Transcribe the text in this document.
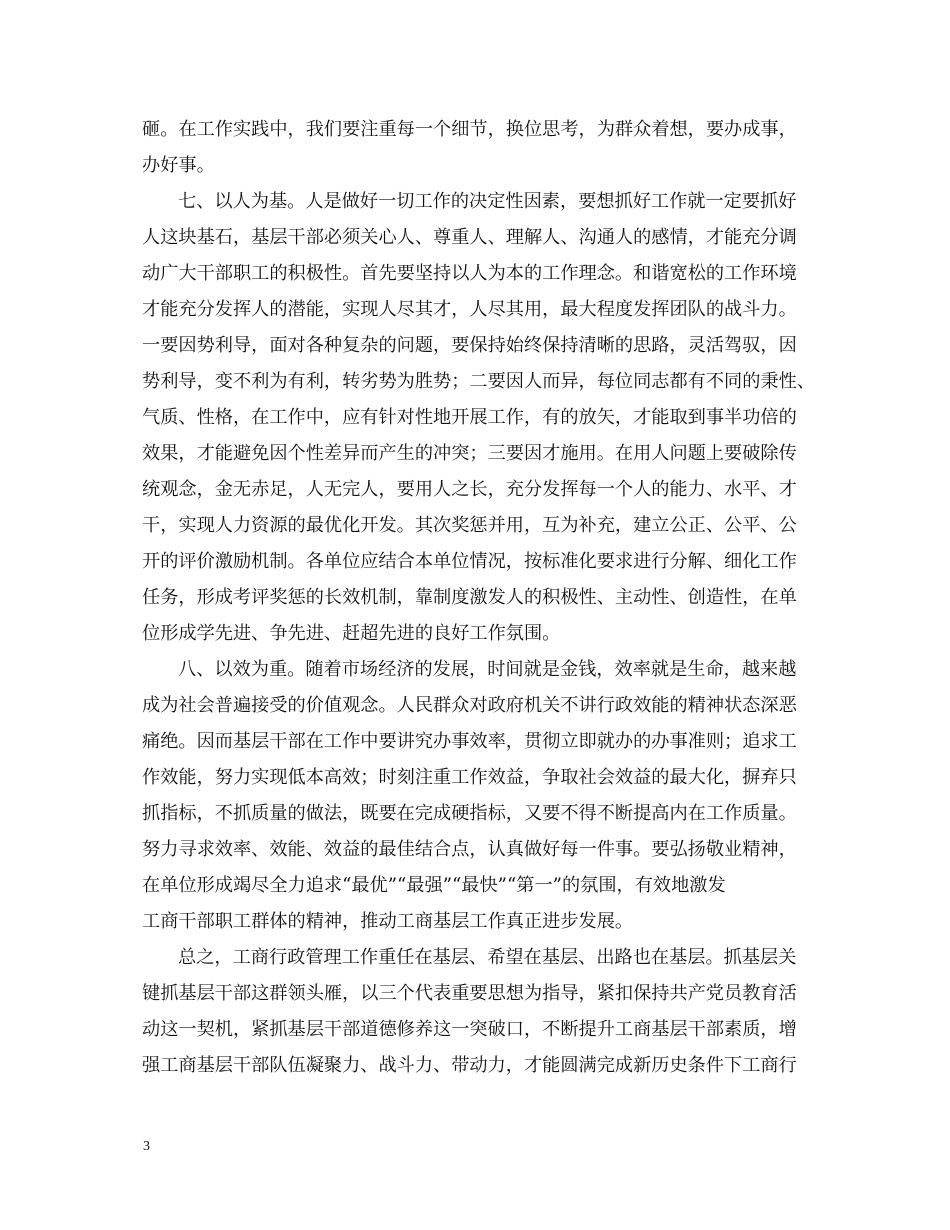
砸。在工作实践中，我们要注重每一个细节，换位思考，为群众着想，要办成事，
办好事。
七、以人为基。人是做好一切工作的决定性因素，要想抓好工作就一定要抓好
人这块基石，基层干部必须关心人、尊重人、理解人、沟通人的感情，才能充分调
动广大干部职工的积极性。首先要坚持以人为本的工作理念。和谐宽松的工作环境
才能充分发挥人的潜能，实现人尽其才，人尽其用，最大程度发挥团队的战斗力。
一要因势利导，面对各种复杂的问题，要保持始终保持清晰的思路，灵活驾驭，因
势利导，变不利为有利，转劣势为胜势；二要因人而异，每位同志都有不同的秉性、
气质、性格，在工作中，应有针对性地开展工作，有的放矢，才能取到事半功倍的
效果，才能避免因个性差异而产生的冲突；三要因才施用。在用人问题上要破除传
统观念，金无赤足，人无完人，要用人之长，充分发挥每一个人的能力、水平、才
干，实现人力资源的最优化开发。其次奖惩并用，互为补充，建立公正、公平、公
开的评价激励机制。各单位应结合本单位情况，按标准化要求进行分解、细化工作
任务，形成考评奖惩的长效机制，靠制度激发人的积极性、主动性、创造性，在单
位形成学先进、争先进、赶超先进的良好工作氛围。
八、以效为重。随着市场经济的发展，时间就是金钱，效率就是生命，越来越
成为社会普遍接受的价值观念。人民群众对政府机关不讲行政效能的精神状态深恶
痛绝。因而基层干部在工作中要讲究办事效率，贯彻立即就办的办事准则；追求工
作效能，努力实现低本高效；时刻注重工作效益，争取社会效益的最大化，摒弃只
抓指标，不抓质量的做法，既要在完成硬指标，又要不得不断提高内在工作质量。
努力寻求效率、效能、效益的最佳结合点，认真做好每一件事。要弘扬敬业精神，
在单位形成竭尽全力追求“最优”“最强”“最快”“第一”的氛围，有效地激发
工商干部职工群体的精神，推动工商基层工作真正进步发展。
总之，工商行政管理工作重任在基层、希望在基层、出路也在基层。抓基层关
键抓基层干部这群领头雁，以三个代表重要思想为指导，紧扣保持共产党员教育活
动这一契机，紧抓基层干部道德修养这一突破口，不断提升工商基层干部素质，增
强工商基层干部队伍凝聚力、战斗力、带动力，才能圆满完成新历史条件下工商行
3
